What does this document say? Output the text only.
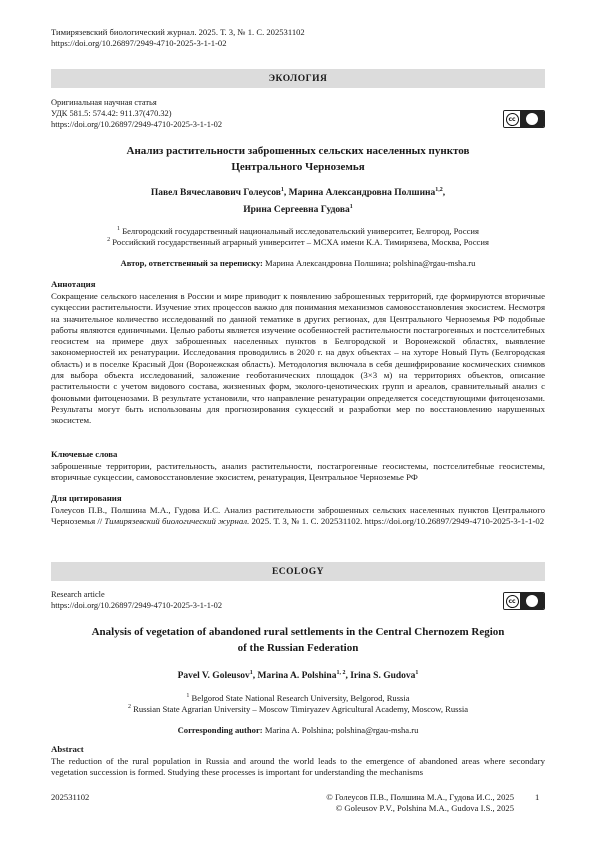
Тимирязевский биологический журнал. 2025. Т. 3, № 1. С. 202531102
https://doi.org/10.26897/2949-4710-2025-3-1-1-02
ЭКОЛОГИЯ
Оригинальная научная статья
УДК 581.5: 574.42: 911.37(470.32)
https://doi.org/10.26897/2949-4710-2025-3-1-1-02
cc
Анализ растительности заброшенных сельских населенных пунктов
Центрального Черноземья
Павел Вячеславович Голеусов$^1$, Марина Александровна Полшина$^{1,2}$,
Ирина Сергеевна Гудова$^1$
$^1$ Белгородский государственный национальный исследовательский университет, Белгород, Россия
$^2$ Российский государственный аграрный университет – МСХА имени К.А. Тимирязева, Москва, Россия
Автор, ответственный за переписку: Марина Александровна Полшина; polshina@rgau-msha.ru
Аннотация
Сокращение сельского населения в России и мире приводит к появлению заброшенных территорий, где формируются вторичные сукцессии растительности. Изучение этих процессов важно для понимания механизмов самовосстановления экосистем. Несмотря на значительное количество исследований по данной тематике в других регионах, для Центрального Черноземья РФ подобные работы являются единичными. Целью работы является изучение особенностей растительности постагрогенных и постселитебных геосистем на примере двух заброшенных населенных пунктов в Белгородской и Воронежской областях, выявление закономерностей их ренатурации. Исследования проводились в 2020 г. на двух объектах – на хуторе Новый Путь (Белгородская область) и в поселке Красный Дон (Воронежская область). Методология включала в себя дешифрирование космических снимков для выбора объекта исследований, заложение геоботанических площадок (3×3 м) на территориях объектов, описание растительности с учетом видового состава, жизненных форм, эколого-ценотических групп и ареалов, сравнительный анализ с фоновыми фитоценозами. В результате установили, что направление ренатурации определяется соседствующими фитоценозами. Результаты могут быть использованы для прогнозирования сукцессий и разработки мер по восстановлению нарушенных экосистем.
Ключевые слова
заброшенные территории, растительность, анализ растительности, постагрогенные геосистемы, постселитебные геосистемы, вторичные сукцессии, самовосстановление экосистем, ренатурация, Центральное Черноземье РФ
Для цитирования
Голеусов П.В., Полшина М.А., Гудова И.С. Анализ растительности заброшенных сельских населенных пунктов Центрального Черноземья // Тимирязевский биологический журнал. 2025. Т. 3, № 1. С. 202531102. https://doi.org/10.26897/2949-4710-2025-3-1-1-02
ECOLOGY
Research article
https://doi.org/10.26897/2949-4710-2025-3-1-1-02	cc
Analysis of vegetation of abandoned rural settlements in the Central Chernozem Region
of the Russian Federation
Pavel V. Goleusov$^1$, Marina A. Polshina$^{1, 2}$, Irina S. Gudova$^1$
$^1$ Belgorod State National Research University, Belgorod, Russia
$^2$ Russian State Agrarian University – Moscow Timiryazev Agricultural Academy, Moscow, Russia
Corresponding author: Marina A. Polshina; polshina@rgau-msha.ru
Abstract
The reduction of the rural population in Russia and around the world leads to the emergence of abandoned areas where secondary vegetation succession is formed. Studying these processes is important for understanding the mechanisms
202531102	© Голеусов П.В., Полшина М.А., Гудова И.С., 2025
© Goleusov P.V., Polshina M.A., Gudova I.S., 2025
1
